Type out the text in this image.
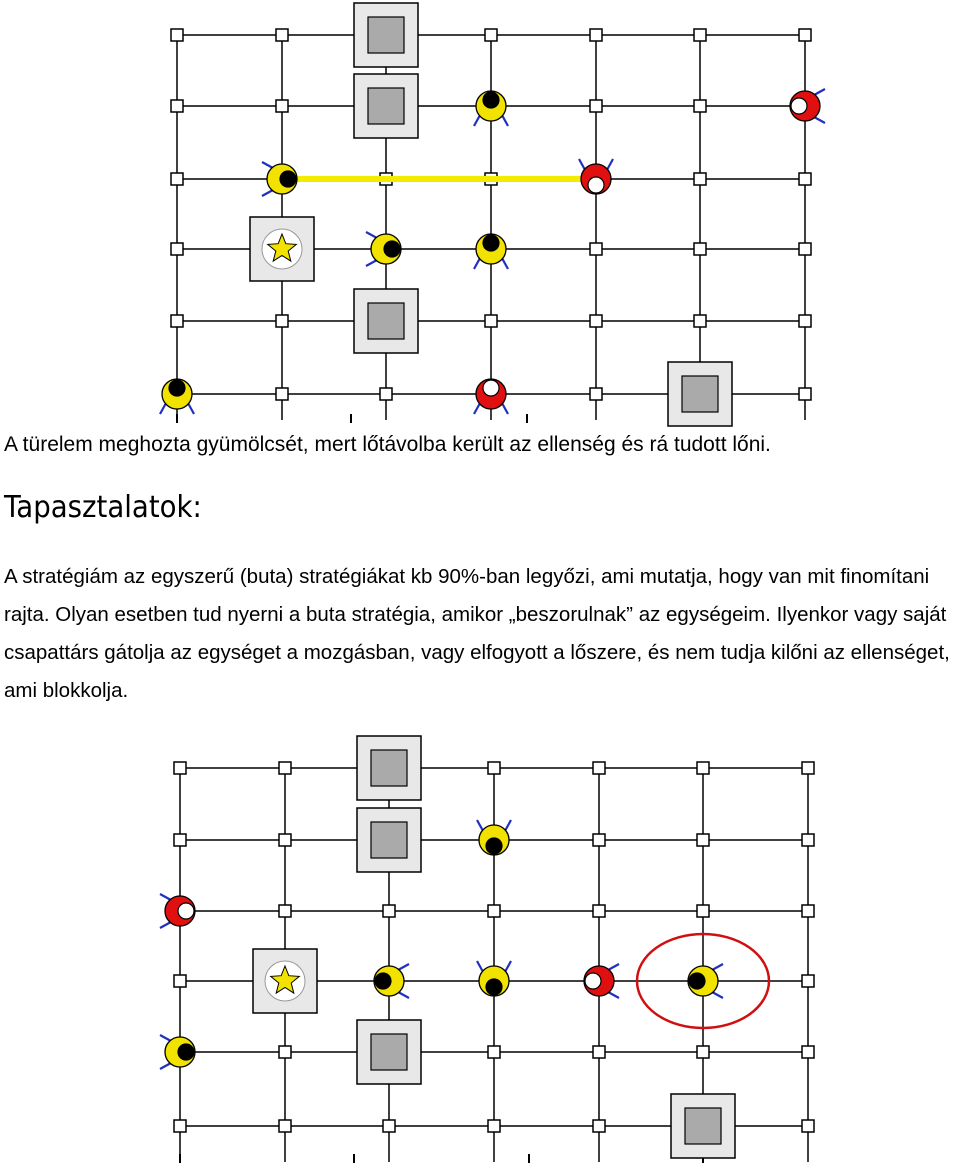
A türelem meghozta gyümölcsét, mert lőtávolba került az ellenség és rá tudott lőni.
Tapasztalatok:

A stratégiám az egyszerű (buta) stratégiákat kb 90%-ban legyőzi, ami mutatja, hogy van mit finomítani rajta. Olyan esetben tud nyerni a buta stratégia, amikor „beszorulnak” az egységeim. Ilyenkor vagy saját csapattárs gátolja az egységet a mozgásban, vagy elfogyott a lőszere, és nem tudja kilőni az ellenséget, ami blokkolja.
